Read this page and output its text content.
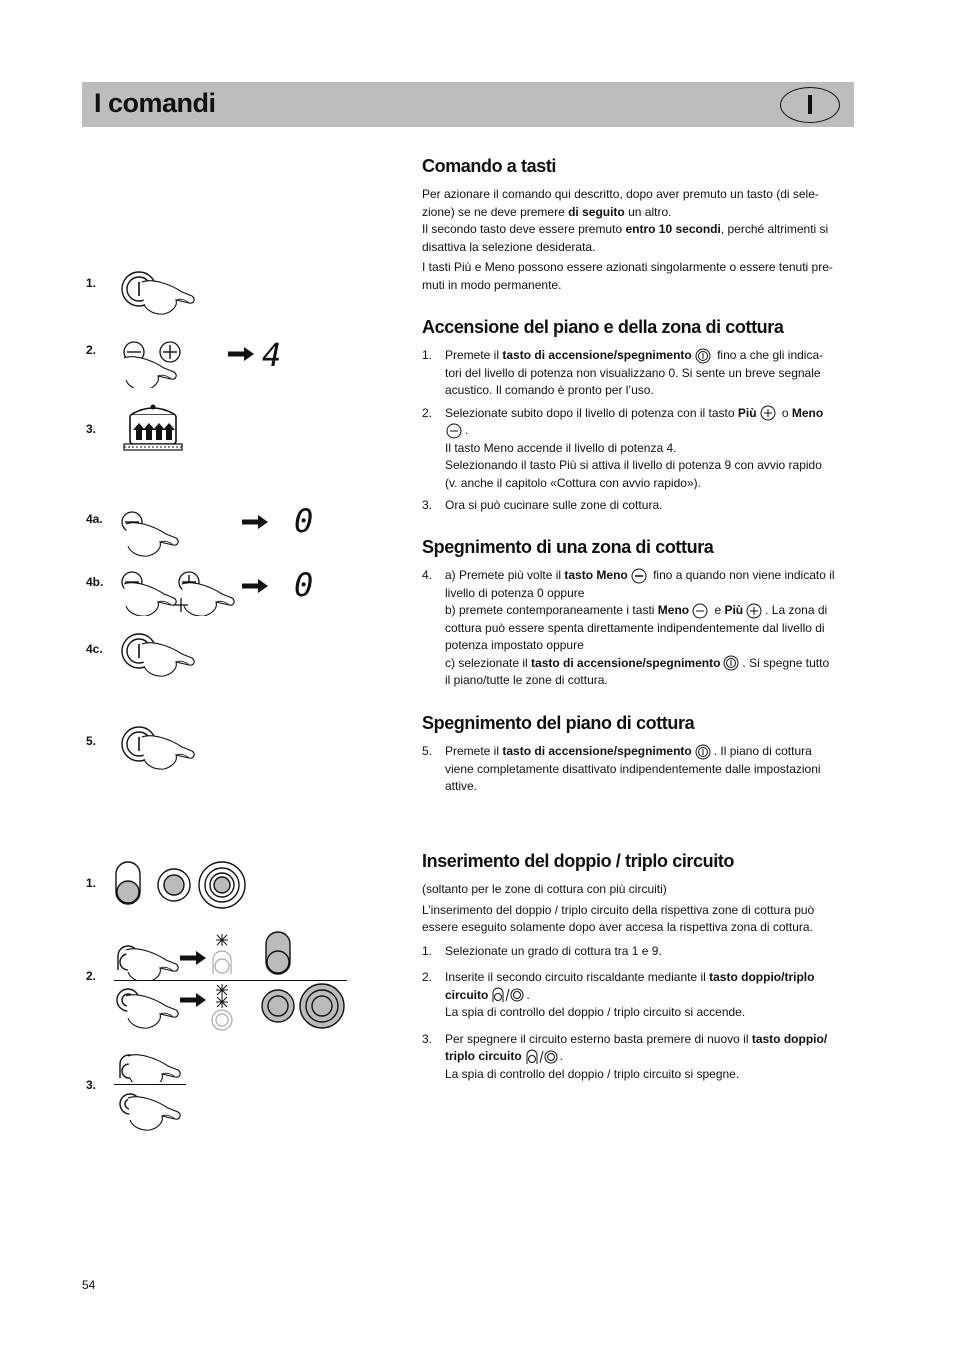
I comandi	I
1.
2.
3.
4a.
4b.
4c.
5.
1.
2.
3.
4
0
0
Comando a tasti

Per azionare il comando qui descritto, dopo aver premuto un tasto (di sele-
zione) se ne deve premere di seguito un altro.
Il secondo tasto deve essere premuto entro 10 secondi, perché altrimenti si
disattiva la selezione desiderata.

I tasti Più e Meno possono essere azionati singolarmente o essere tenuti pre-
muti in modo permanente.

Accensione del piano e della zona di cottura
1. Premete il tasto di accensione/spegnimento fino a che gli indica-
tori del livello di potenza non visualizzano 0. Si sente un breve segnale
acustico. Il comando è pronto per l’uso.
2. Selezionate subito dopo il livello di potenza con il tasto Più o Meno
.
Il tasto Meno accende il livello di potenza 4.
Selezionando il tasto Più si attiva il livello di potenza 9 con avvio rapido
(v. anche il capitolo «Cottura con avvio rapido»).
3. Ora si può cucinare sulle zone di cottura.
Spegnimento di una zona di cottura
4. a) Premete più volte il tasto Meno fino a quando non viene indicato il
livello di potenza 0 oppure
b) premete contemporaneamente i tasti Meno e Più . La zona di
cottura può essere spenta direttamente indipendentemente dal livello di
potenza impostato oppure
c) selezionate il tasto di accensione/spegnimento . Si spegne tutto
il piano/tutte le zone di cottura.
Spegnimento del piano di cottura
5. Premete il tasto di accensione/spegnimento . Il piano di cottura
viene completamente disattivato indipendentemente dalle impostazioni
attive.
Inserimento del doppio / triplo circuito

(soltanto per le zone di cottura con più circuiti)

L’inserimento del doppio / triplo circuito della rispettiva zone di cottura può
essere eseguito solamente dopo aver accesa la rispettiva zona di cottura.

1. Selezionate un grado di cottura tra 1 e 9.
2. Inserite il secondo circuito riscaldante mediante il tasto doppio/triplo
circuito	.
La spia di controllo del doppio / triplo circuito si accende.
3. Per spegnere il circuito esterno basta premere di nuovo il tasto doppio/
triplo circuito	.
La spia di controllo del doppio / triplo circuito si spegne.
54
